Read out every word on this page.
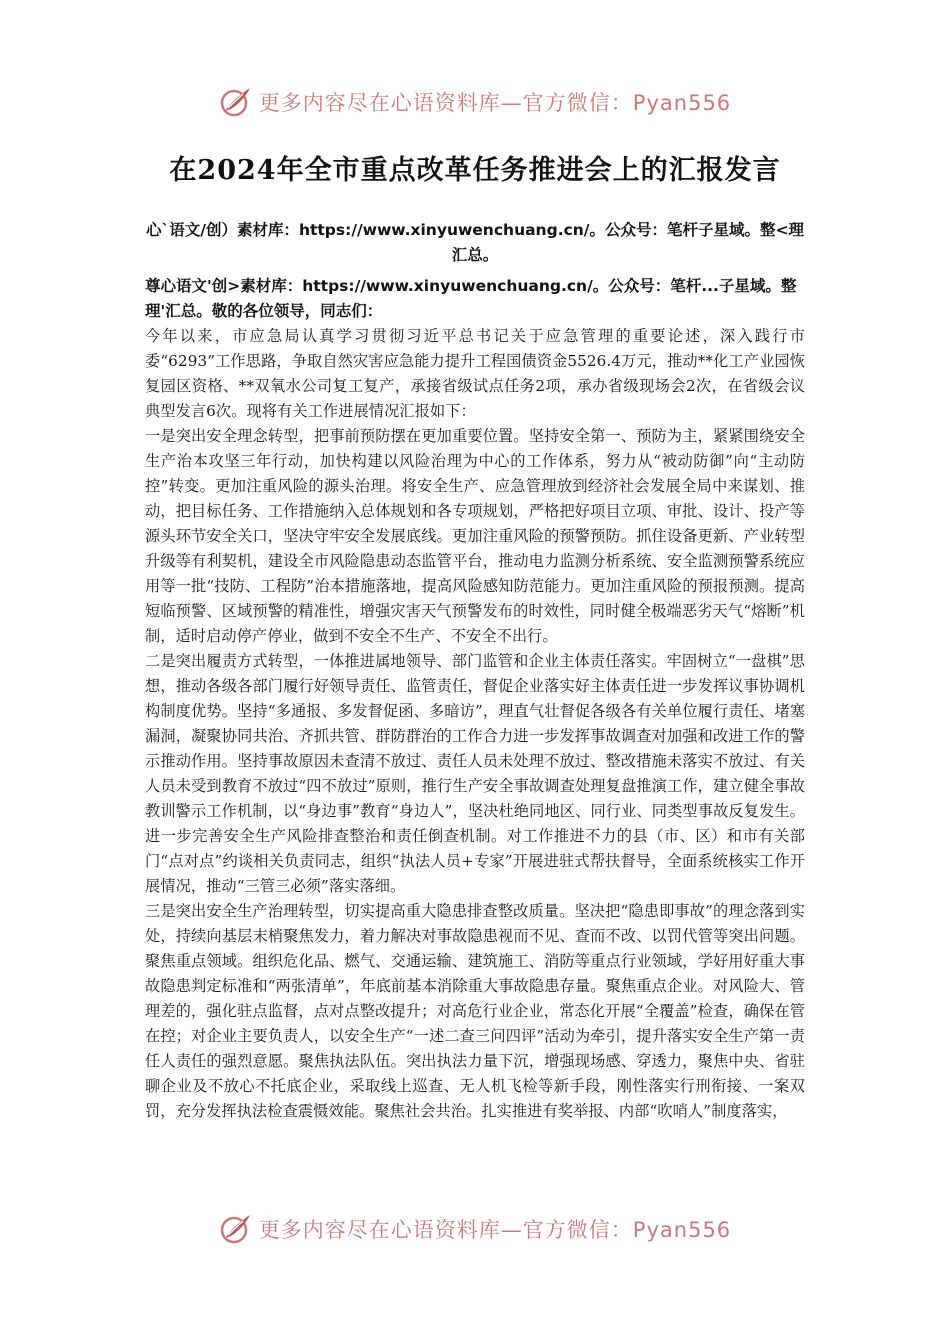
更多内容尽在心语资料库—官方微信：Pyan556
在2024年全市重点改革任务推进会上的汇报发言
心`语文/创）素材库：https://www.xinyuwenchuang.cn/。公众号：笔杆子星域。整<理汇总。
尊心语文'创>素材库：https://www.xinyuwenchuang.cn/。公众号：笔杆...子星域。整理'汇总。敬的各位领导，同志们：

今年以来，市应急局认真学习贯彻习近平总书记关于应急管理的重要论述，深入践行市委“6293”工作思路，争取自然灾害应急能力提升工程国债资金5526.4万元，推动**化工产业园恢复园区资格、**双氧水公司复工复产，承接省级试点任务2项，承办省级现场会2次，在省级会议典型发言6次。现将有关工作进展情况汇报如下：

一是突出安全理念转型，把事前预防摆在更加重要位置。坚持安全第一、预防为主，紧紧围绕安全生产治本攻坚三年行动，加快构建以风险治理为中心的工作体系，努力从“被动防御”向“主动防控”转变。更加注重风险的源头治理。将安全生产、应急管理放到经济社会发展全局中来谋划、推动，把目标任务、工作措施纳入总体规划和各专项规划，严格把好项目立项、审批、设计、投产等源头环节安全关口，坚决守牢安全发展底线。更加注重风险的预警预防。抓住设备更新、产业转型升级等有利契机，建设全市风险隐患动态监管平台，推动电力监测分析系统、安全监测预警系统应用等一批“技防、工程防”治本措施落地，提高风险感知防范能力。更加注重风险的预报预测。提高短临预警、区域预警的精准性，增强灾害天气预警发布的时效性，同时健全极端恶劣天气“熔断”机制，适时启动停产停业，做到不安全不生产、不安全不出行。

二是突出履责方式转型，一体推进属地领导、部门监管和企业主体责任落实。牢固树立“一盘棋”思想，推动各级各部门履行好领导责任、监管责任，督促企业落实好主体责任进一步发挥议事协调机构制度优势。坚持“多通报、多发督促函、多暗访”，理直气壮督促各级各有关单位履行责任、堵塞漏洞，凝聚协同共治、齐抓共管、群防群治的工作合力进一步发挥事故调查对加强和改进工作的警示推动作用。坚持事故原因未查清不放过、责任人员未处理不放过、整改措施未落实不放过、有关人员未受到教育不放过“四不放过”原则，推行生产安全事故调查处理复盘推演工作，建立健全事故教训警示工作机制，以“身边事”教育“身边人”，坚决杜绝同地区、同行业、同类型事故反复发生。进一步完善安全生产风险排查整治和责任倒查机制。对工作推进不力的县（市、区）和市有关部门“点对点”约谈相关负责同志，组织“执法人员+专家”开展进驻式帮扶督导，全面系统核实工作开展情况，推动“三管三必须”落实落细。

三是突出安全生产治理转型，切实提高重大隐患排查整改质量。坚决把“隐患即事故”的理念落到实处，持续向基层末梢聚焦发力，着力解决对事故隐患视而不见、查而不改、以罚代管等突出问题。聚焦重点领域。组织危化品、燃气、交通运输、建筑施工、消防等重点行业领域，学好用好重大事故隐患判定标准和“两张清单”，年底前基本消除重大事故隐患存量。聚焦重点企业。对风险大、管理差的，强化驻点监督，点对点整改提升；对高危行业企业，常态化开展“全覆盖”检查，确保在管在控；对企业主要负责人，以安全生产“一述二查三问四评”活动为牵引，提升落实安全生产第一责任人责任的强烈意愿。聚焦执法队伍。突出执法力量下沉，增强现场感、穿透力，聚焦中央、省驻聊企业及不放心不托底企业，采取线上巡查、无人机飞检等新手段，刚性落实行刑衔接、一案双罚，充分发挥执法检查震慑效能。聚焦社会共治。扎实推进有奖举报、内部“吹哨人”制度落实，

更多内容尽在心语资料库—官方微信：Pyan556
